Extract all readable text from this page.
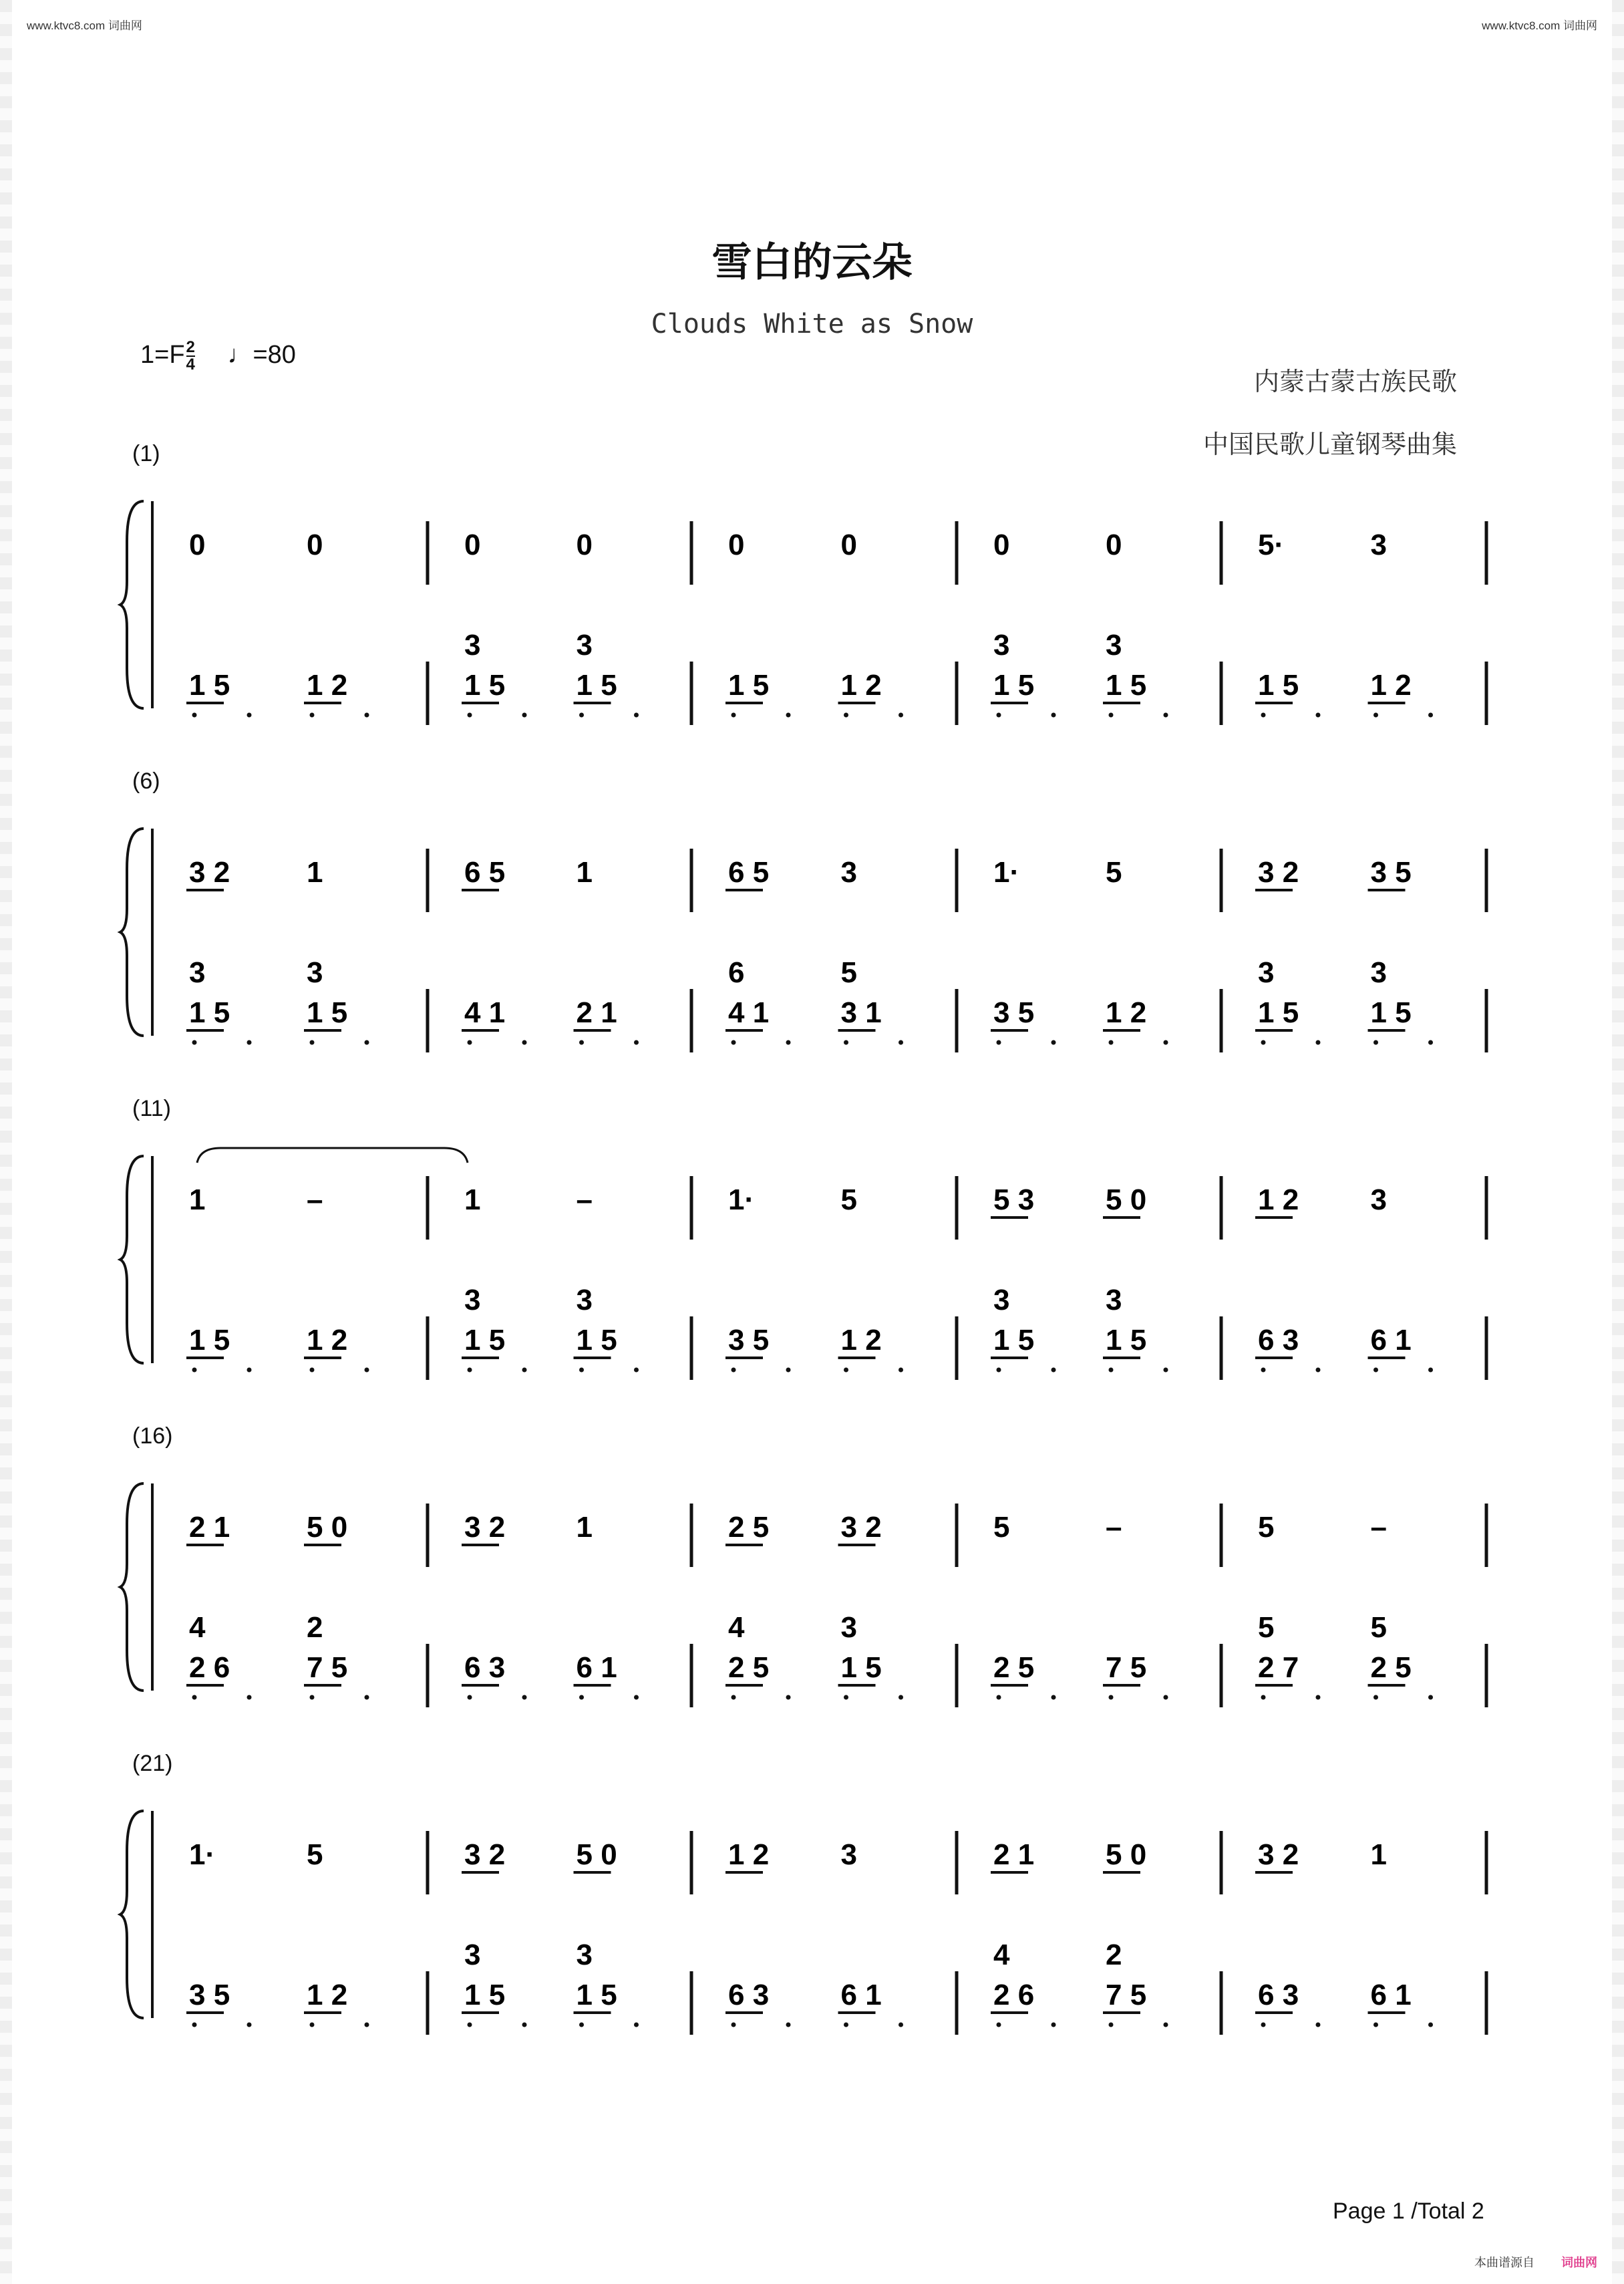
www.ktvc8.com 词曲网	www.ktvc8.com 词曲网
雪白的云朵
Clouds White as Snow
$1=F \frac{2}{4}$ ♩=80
内蒙古蒙古族民歌
中国民歌儿童钢琴曲集
(1)
0
1 5
0
1 2
0
3
1 5
0
3
1 5
0
1 5
0
1 2
0
3
1 5
0
3
1 5
5·
1 5
3
1 2
(6)
3 2
3
1 5
1
3
1 5
6 5
4 1
1
2 1
6 5
6
4 1
3
5
3 1
1·
3 5
5
1 2
3 2
3
1 5
3 5
3
1 5
(11)
1
1 5
–
1 2
1
3
1 5
–
3
1 5
1·
3 5
5
1 2
5 3
3
1 5
5 0
3
1 5
1 2
6 3
3
6 1
(16)
2 1
4
2 6
5 0
2
7 5
3 2
6 3
1
6 1
2 5
4
2 5
3 2
3
1 5
5
2 5
–
7 5
5
5
2 7
–
5
2 5
(21)
1·
3 5
5
1 2
3 2
3
1 5
5 0
3
1 5
1 2
6 3
3
6 1
2 1
4
2 6
5 0
2
7 5
3 2
6 3
1
6 1
Page 1 /Total 2
本曲谱源自 词曲网
